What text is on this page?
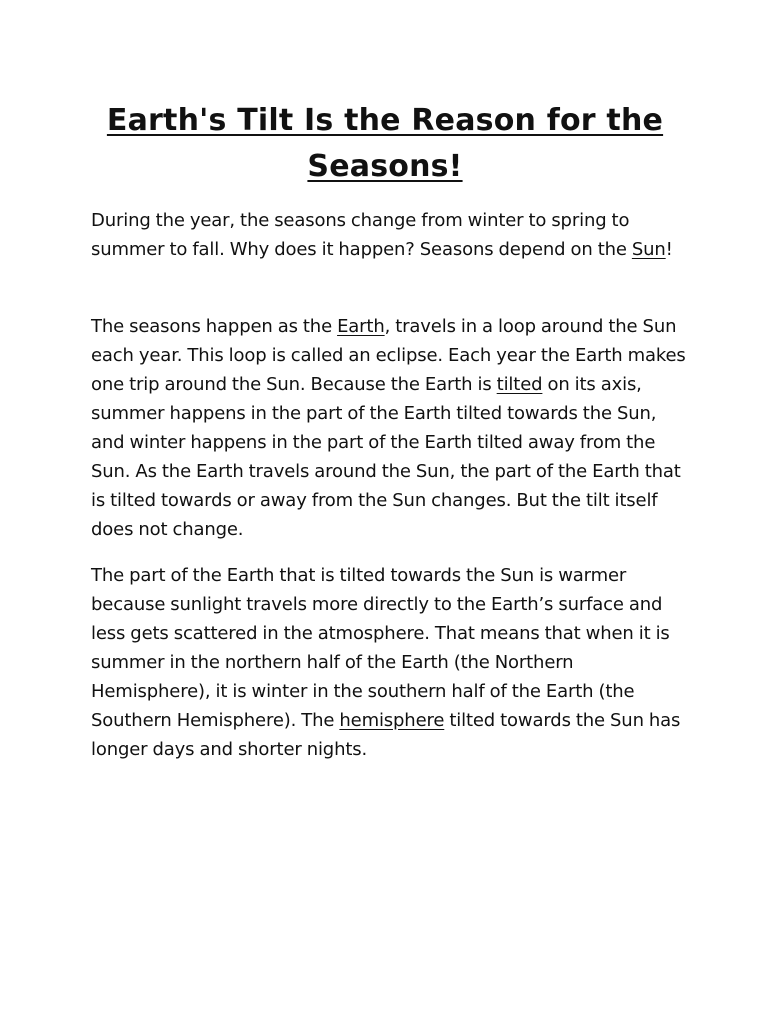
Earth's Tilt Is the Reason for the Seasons!

During the year, the seasons change from winter to spring to summer to fall. Why does it happen? Seasons depend on the Sun!

The seasons happen as the Earth, travels in a loop around the Sun each year. This loop is called an eclipse. Each year the Earth makes one trip around the Sun. Because the Earth is tilted on its axis, summer happens in the part of the Earth tilted towards the Sun, and winter happens in the part of the Earth tilted away from the Sun. As the Earth travels around the Sun, the part of the Earth that is tilted towards or away from the Sun changes. But the tilt itself does not change.

The part of the Earth that is tilted towards the Sun is warmer because sunlight travels more directly to the Earth’s surface and less gets scattered in the atmosphere. That means that when it is summer in the northern half of the Earth (the Northern Hemisphere), it is winter in the southern half of the Earth (the Southern Hemisphere). The hemisphere tilted towards the Sun has longer days and shorter nights.
